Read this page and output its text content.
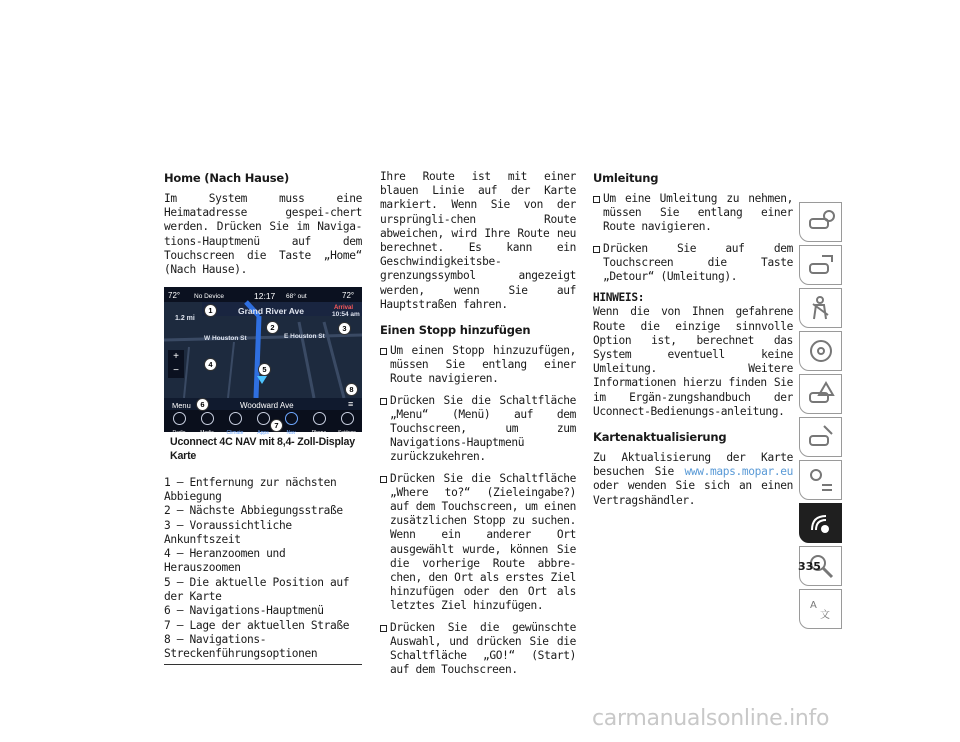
Home (Nach Hause)

Im System muss eine Heimatadresse gespei-chert werden. Drücken Sie im Naviga-tions-Hauptmenü auf dem Touchscreen die Taste „Home“ (Nach Hause).

72° No Device	12:17 68° out	72°
Grand River Ave
1.2 mi
Arrival
10:54 am
W Houston St	E Houston St
+
−
Menu	Woodward Ave	≡
Radio	Media	Climate	Apps	Nav	Phone	Settings
1
2	3
4
5
6
7
8
Uconnect 4C NAV mit 8,4- Zoll-Display Karte
1 – Entfernung zur nächsten Abbiegung
2 – Nächste Abbiegungsstraße
3 – Voraussichtliche Ankunftszeit
4 – Heranzoomen und Herauszoomen
5 – Die aktuelle Position auf der Karte
6 – Navigations-Hauptmenü
7 – Lage der aktuellen Straße
8 – Navigations-Streckenführungsoptionen

Ihre Route ist mit einer blauen Linie auf der Karte markiert. Wenn Sie von der ursprüngli-chen Route abweichen, wird Ihre Route neu berechnet. Es kann ein Geschwindigkeitsbe-grenzungssymbol angezeigt werden, wenn Sie auf Hauptstraßen fahren.

Einen Stopp hinzufügen
Um einen Stopp hinzuzufügen, müssen Sie entlang einer Route navigieren.
Drücken Sie die Schaltfläche „Menu“ (Menü) auf dem Touchscreen, um zum Navigations-Hauptmenü zurückzukehren.
Drücken Sie die Schaltfläche „Where to?“ (Zieleingabe?) auf dem Touchscreen, um einen zusätzlichen Stopp zu suchen. Wenn ein anderer Ort ausgewählt wurde, können Sie die vorherige Route abbre-chen, den Ort als erstes Ziel hinzufügen oder den Ort als letztes Ziel hinzufügen.
Drücken Sie die gewünschte Auswahl, und drücken Sie die Schaltfläche „GO!“ (Start) auf dem Touchscreen.
Umleitung
Um eine Umleitung zu nehmen, müssen Sie entlang einer Route navigieren.
Drücken Sie auf dem Touchscreen die Taste „Detour“ (Umleitung).

HINWEIS:

Wenn die von Ihnen gefahrene Route die einzige sinnvolle Option ist, berechnet das System eventuell keine Umleitung. Weitere Informationen hierzu finden Sie im Ergän-zungshandbuch der Uconnect-Bedienungs-anleitung.

Kartenaktualisierung

Zu Aktualisierung der Karte besuchen Sie www.maps.mopar.eu oder wenden Sie sich an einen Vertragshändler.

A
文
335
carmanualsonline.info
